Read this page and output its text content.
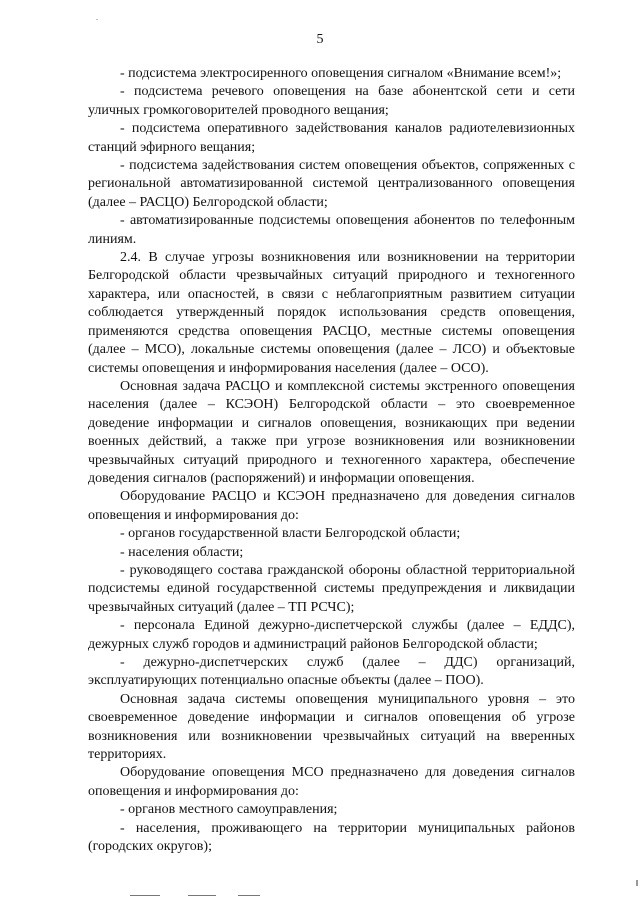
.
5

- подсистема электросиренного оповещения сигналом «Внимание всем!»;

- подсистема речевого оповещения на базе абонентской сети и сети уличных громкоговорителей проводного вещания;

- подсистема оперативного задействования каналов радиотелевизионных станций эфирного вещания;

- подсистема задействования систем оповещения объектов, сопряженных с региональной автоматизированной системой централизованного оповещения (далее – РАСЦО) Белгородской области;

- автоматизированные подсистемы оповещения абонентов по телефонным линиям.

2.4. В случае угрозы возникновения или возникновении на территории Белгородской области чрезвычайных ситуаций природного и техногенного характера, или опасностей, в связи с неблагоприятным развитием ситуации соблюдается утвержденный порядок использования средств оповещения, применяются средства оповещения РАСЦО, местные системы оповещения (далее – МСО), локальные системы оповещения (далее – ЛСО) и объектовые системы оповещения и информирования населения (далее – ОСО).

Основная задача РАСЦО и комплексной системы экстренного оповещения населения (далее – КСЭОН) Белгородской области – это своевременное доведение информации и сигналов оповещения, возникающих при ведении военных действий, а также при угрозе возникновения или возникновении чрезвычайных ситуаций природного и техногенного характера, обеспечение доведения сигналов (распоряжений) и информации оповещения.

Оборудование РАСЦО и КСЭОН предназначено для доведения сигналов оповещения и информирования до:

- органов государственной власти Белгородской области;

- населения области;

- руководящего состава гражданской обороны областной территориальной подсистемы единой государственной системы предупреждения и ликвидации чрезвычайных ситуаций (далее – ТП РСЧС);

- персонала Единой дежурно-диспетчерской службы (далее – ЕДДС), дежурных служб городов и администраций районов Белгородской области;

- дежурно-диспетчерских служб (далее – ДДС) организаций, эксплуатирующих потенциально опасные объекты (далее – ПОО).

Основная задача системы оповещения муниципального уровня – это своевременное доведение информации и сигналов оповещения об угрозе возникновения или возникновении чрезвычайных ситуаций на вверенных территориях.

Оборудование оповещения МСО предназначено для доведения сигналов оповещения и информирования до:

- органов местного самоуправления;

- населения, проживающего на территории муниципальных районов (городских округов);
